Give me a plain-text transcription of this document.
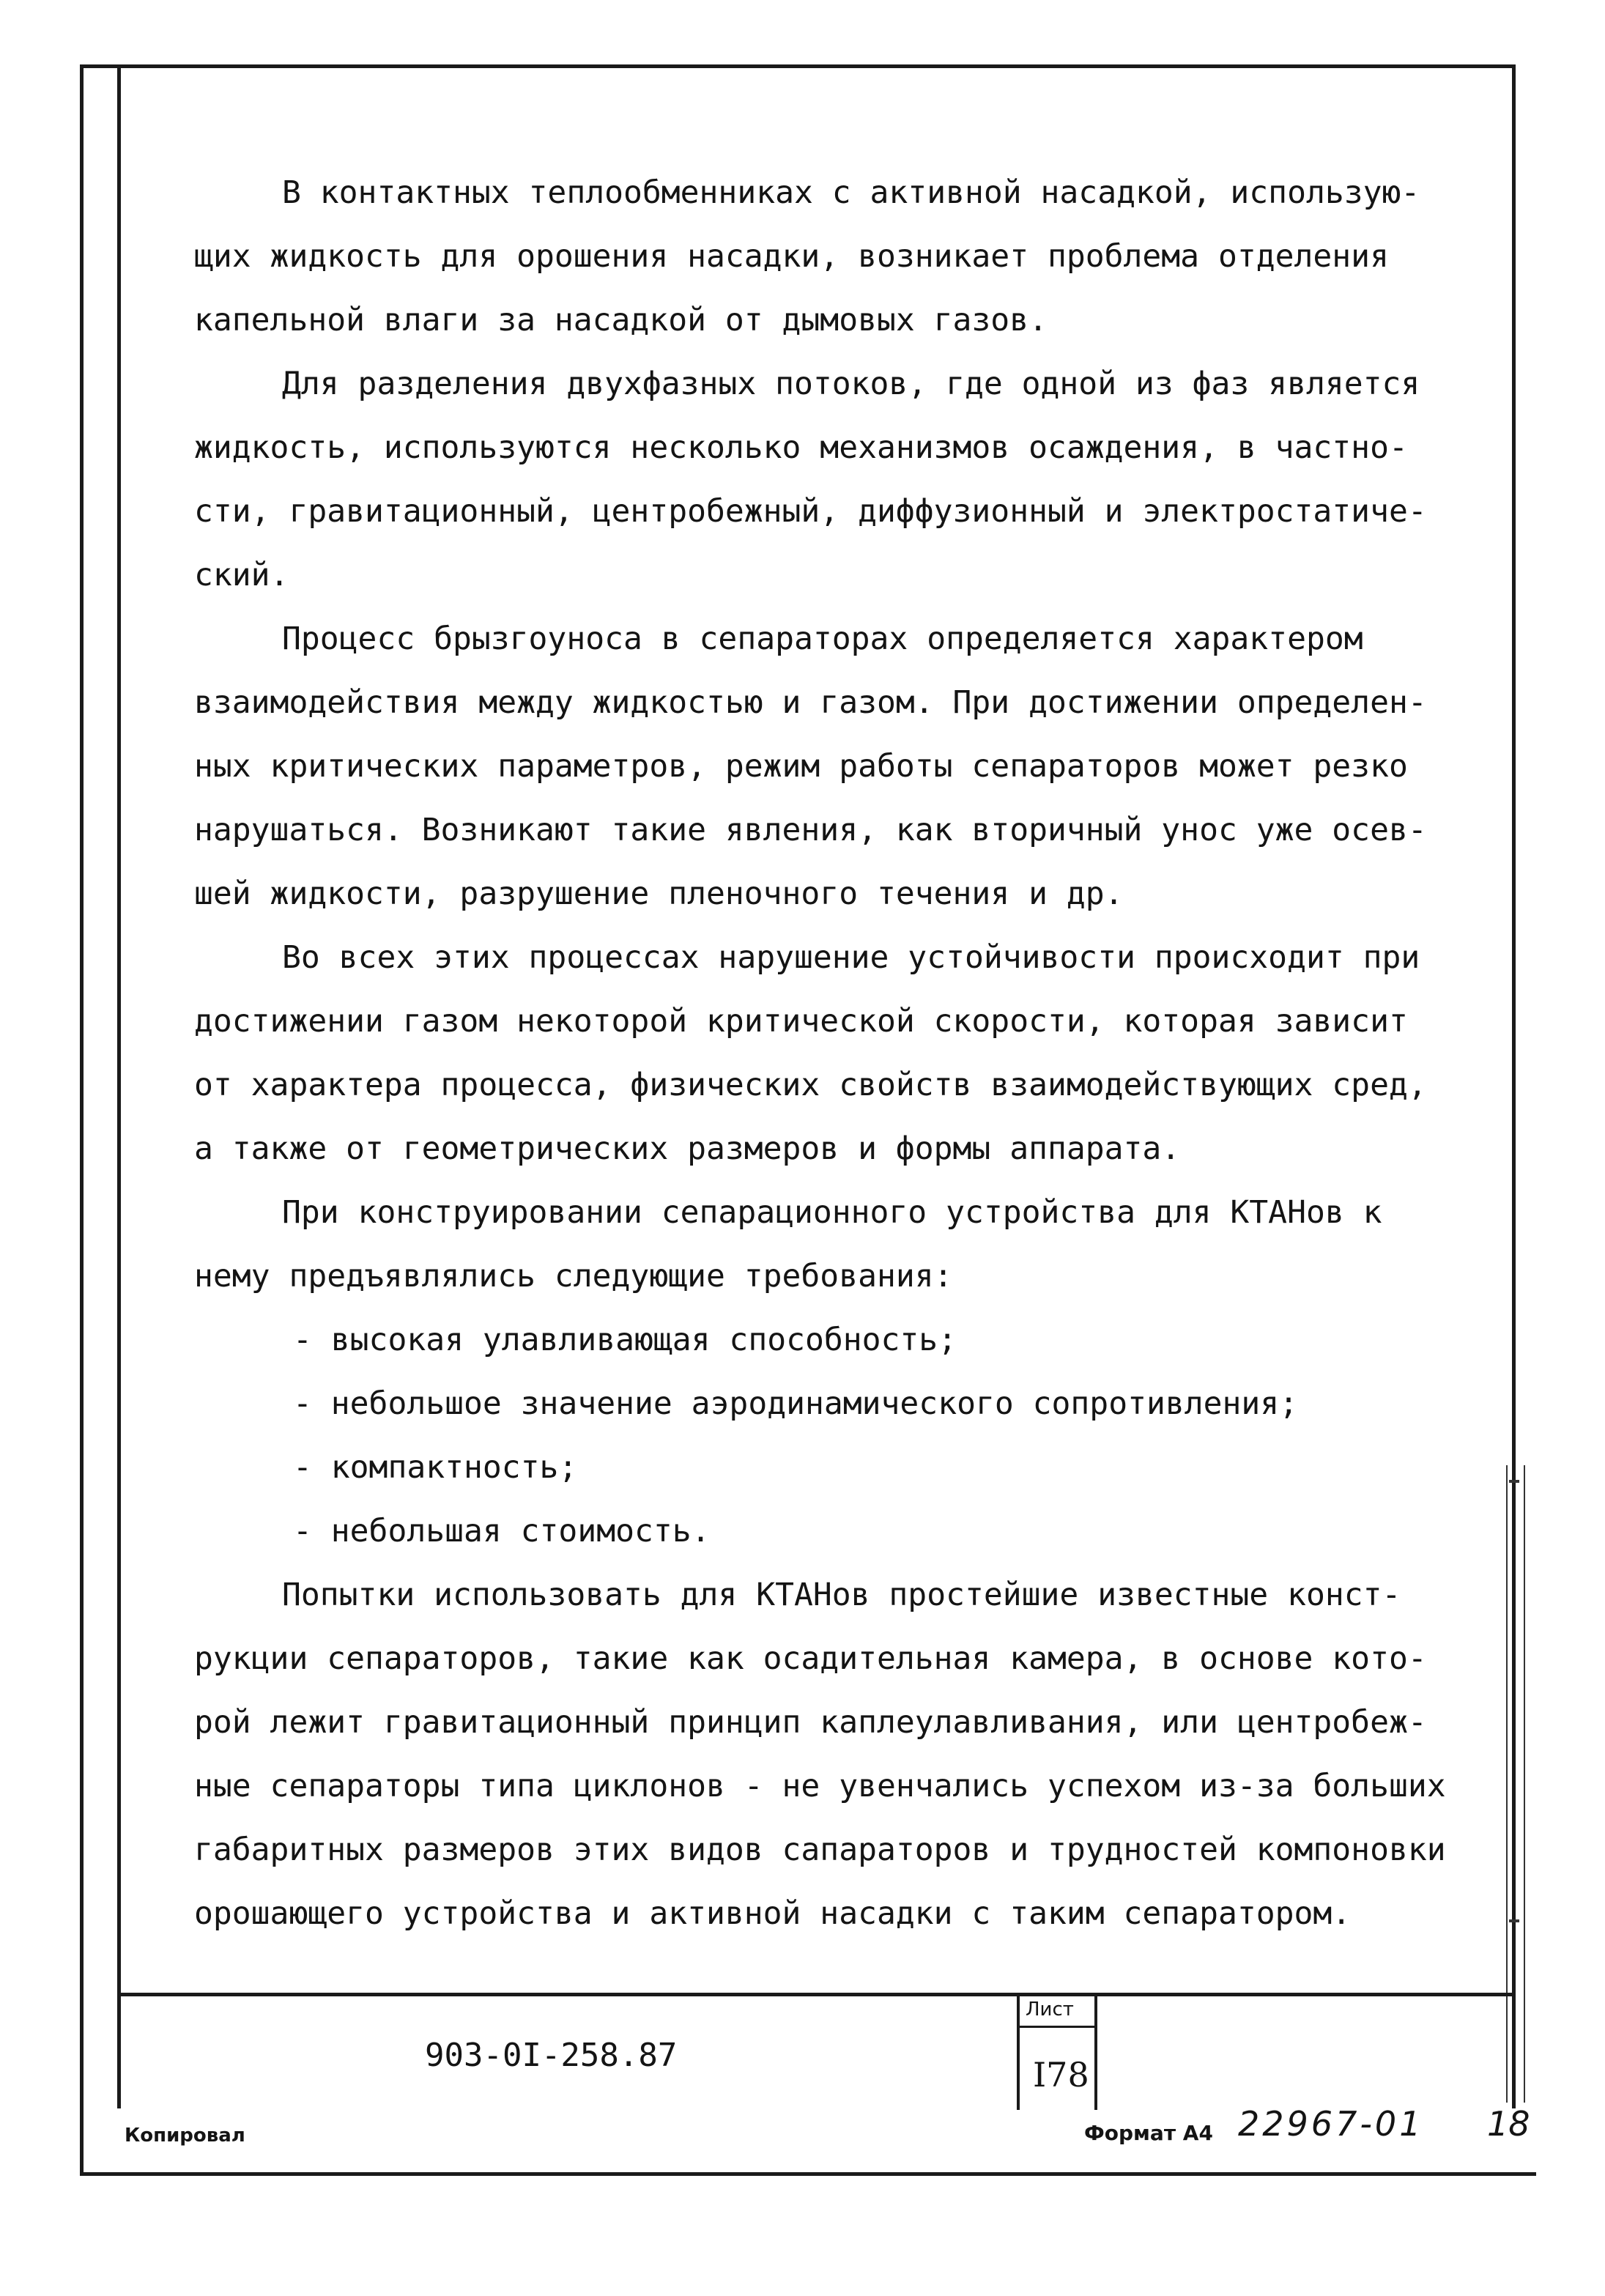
В контактных теплообменниках с активной насадкой, использую-
щих жидкость для орошения насадки, возникает проблема отделения
капельной влаги за насадкой от дымовых газов.
Для разделения двухфазных потоков, где одной из фаз является
жидкость, используются несколько механизмов осаждения, в частно-
сти, гравитационный, центробежный, диффузионный и электростатиче-
ский.
Процесс брызгоуноса в сепараторах определяется характером
взаимодействия между жидкостью и газом. При достижении определен-
ных критических параметров, режим работы сепараторов может резко
нарушаться. Возникают такие явления, как вторичный унос уже осев-
шей жидкости, разрушение пленочного течения и др.
Во всех этих процессах нарушение устойчивости происходит при
достижении газом некоторой критической скорости, которая зависит
от характера процесса, физических свойств взаимодействующих сред,
а также от геометрических размеров и формы аппарата.
При конструировании сепарационного устройства для КТАНов к
нему предъявлялись следующие требования:
- высокая улавливающая способность;
- небольшое значение аэродинамического сопротивления;
- компактность;
- небольшая стоимость.
Попытки использовать для КТАНов простейшие известные конст-
рукции сепараторов, такие как осадительная камера, в основе кото-
рой лежит гравитационный принцип каплеулавливания, или центробеж-
ные сепараторы типа циклонов - не увенчались успехом из-за больших
габаритных размеров этих видов сапараторов и трудностей компоновки
орошающего устройства и активной насадки с таким сепаратором.
903-0I-258.87
Лист
I78
Копировал	Формат А4 22967-01 18
